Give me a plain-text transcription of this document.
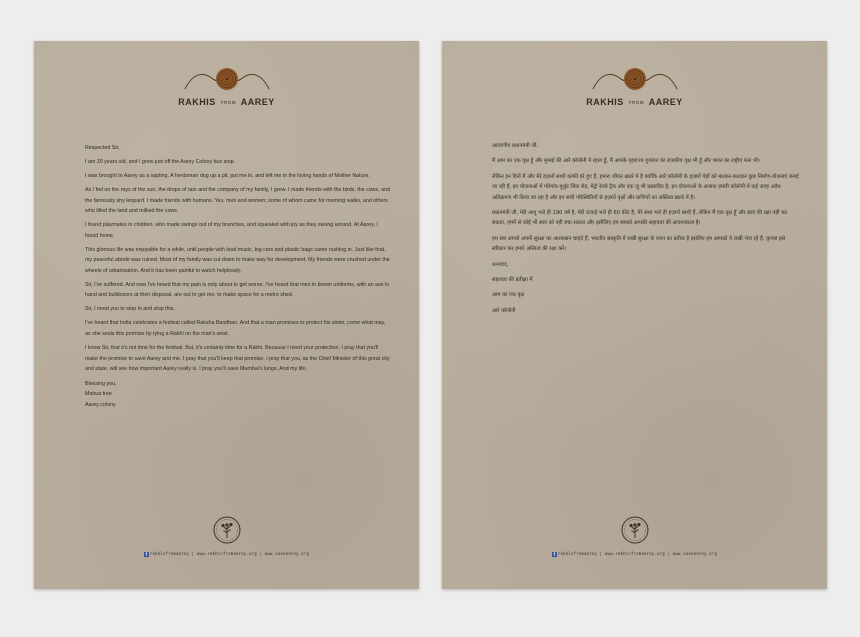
RAKHIS FROM AAREY

Respected Sir,

I am 30 years old, and I grow just off the Aarey Colony bus stop.

I was brought to Aarey as a sapling. A herdsman dug up a pit, put me in, and left me in the loving hands of Mother Nature.

As I fed on the rays of the sun, the drops of rain and the company of my family, I grew. I made friends with the birds, the cows, and the famously shy leopard. I made friends with humans. Yes, men and women; some of whom came for morning walks, and others who tilled the land and milked the cows.

I found playmates in children, who made swings out of my branches, and squealed with joy as they swung around. At Aarey, I found home.

This glorious life was enjoyable for a while, until people with loud music, big cars and plastic bags came rushing in. Just like that, my peaceful abode was ruined. Most of my family was cut down to make way for development. My friends were crushed under the wheels of urbanisation. And it has been painful to watch helplessly.

Sir, I've suffered. And now I've heard that my pain is only about to get worse. I've heard that men in brown uniforms, with an axe in hand and bulldozers at their disposal, are out to get me, to make space for a metro shed.

Sir, I need you to step in and stop this.

I've heard that India celebrates a festival called Raksha Bandhan. And that a man promises to protect his sister, come what may, as she seals this promise by tying a Rakhi on the man's wrist.

I know Sir, that it's not time for the festival. But, it's certainly time for a Rakhi. Because I need your protection. I pray that you'll make the promise to save Aarey and me. I pray that you'll keep that promise. I pray that you, as the Chief Minister of this great city and state, will see how important Aarey really is. I pray you'll save Mumbai's lungs. And my life.

Blessing you,

Mahua tree

Aarey colony

f rakhisfromaarey | www.rakhisfromaarey.org | www.saveaarey.org
RAKHIS FROM AAREY

आदरणीय प्रधानमंत्री जी,

मैं आम का एक वृक्ष हूँ और मुम्बई की आरे कॉलोनी में रहता हूँ, मैं आपके गृहराज्य गुजरात का राजकीय वृक्ष भी हूँ और भारत का राष्ट्रीय फल भी।

लेकिन इन दिनों मैं और मेरे हज़ारों साथी काफी डरे हुए हैं, हमारा जीवन ख़तरे में है क्योंकि आरे कॉलोनी के हज़ारों पेड़ों को मारकर-काटकर कुछ निर्माण-योजनाएं बनाई जा रही हैं, इन योजनाओं में गोरेगांव-मुलुंड लिंक रोड, मेट्रो रेलवे ट्रैक और एक ज़ू भी प्रस्तावित है, इन योजनाओं के अलावा हमारी कॉलोनी में कई जगह अवैध अतिक्रमण भी किया जा रहा है और इन सारी परिस्थितियों से हज़ारों वृक्षों और प्राणियों का अस्तित्व ख़तरे में है।

प्रधानमंत्री जी, मेरी आयु भले ही 190 वर्ष है, मेरी ऊंचाई भले ही 60 फ़ीट है, मेरे साथ भले ही हज़ारों साथी हैं, लेकिन मैं एक वृक्ष हूँ और स्वयं की रक्षा नहीं कर सकता, हममें से कोई भी स्वयं को नहीं बचा सकता और इसीलिए हम सबको आपकी सहायता की आवश्यकता है।

हम सब आपसे अपनी सुरक्षा का आश्वासन चाहते हैं, भारतीय संस्कृति में राखी सुरक्षा के वचन का प्रतीक है इसलिए हम आपको ये राखी भेज रहे हैं, कृपया इसे स्वीकार कर हमारे अस्तित्व की रक्षा करें।

धन्यवाद,

सहायता की प्रतीक्षा में

आम का एक वृक्ष

आरे कॉलोनी

f rakhisfromaarey | www.rakhisfromaarey.org | www.saveaarey.org
